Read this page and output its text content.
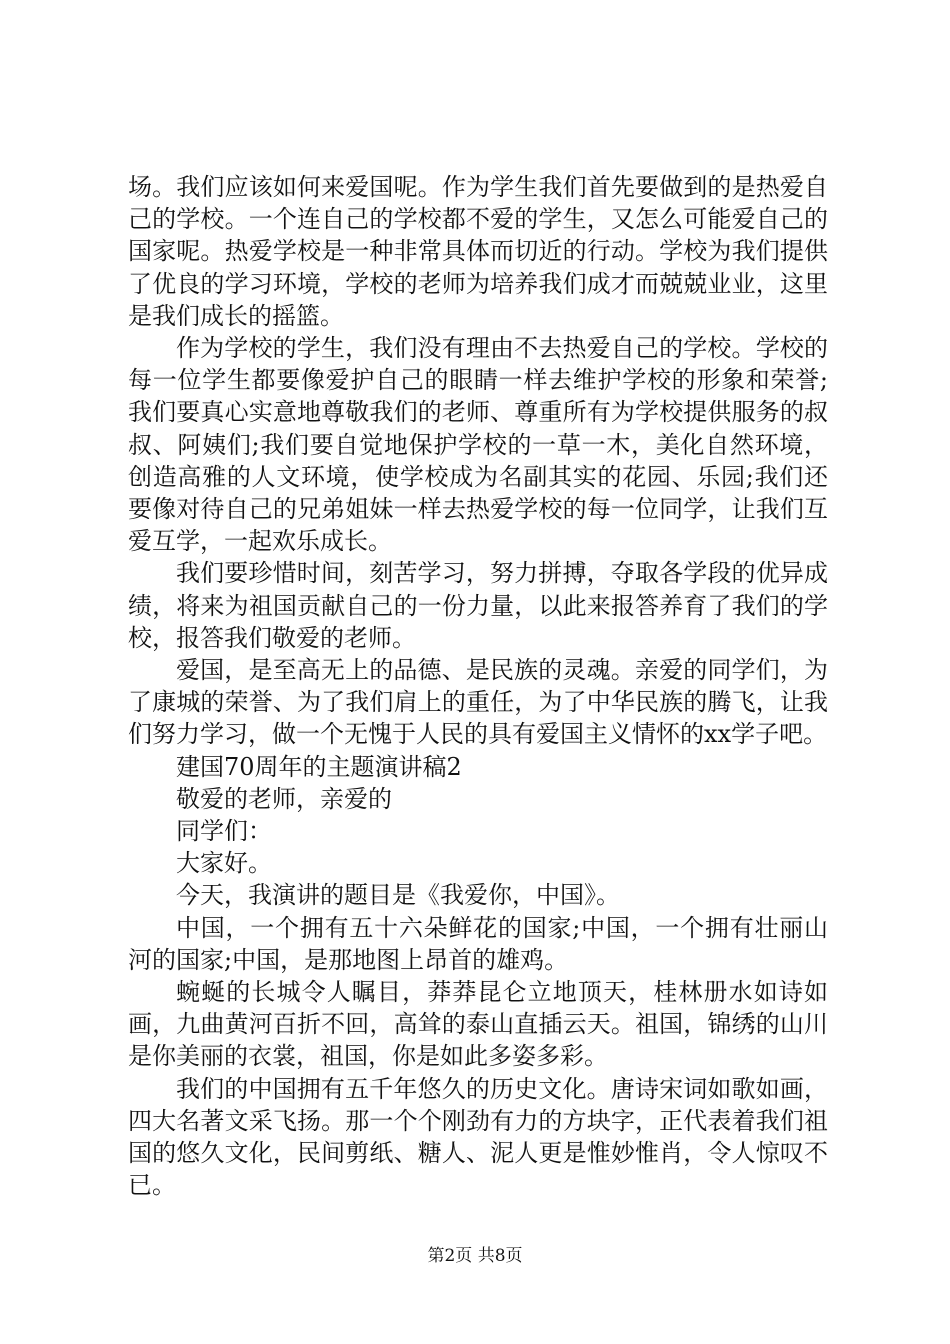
场。我们应该如何来爱国呢。作为学生我们首先要做到的是热爱自己的学校。一个连自己的学校都不爱的学生，又怎么可能爱自己的国家呢。热爱学校是一种非常具体而切近的行动。学校为我们提供了优良的学习环境，学校的老师为培养我们成才而兢兢业业，这里是我们成长的摇篮。

作为学校的学生，我们没有理由不去热爱自己的学校。学校的每一位学生都要像爱护自己的眼睛一样去维护学校的形象和荣誉;我们要真心实意地尊敬我们的老师、尊重所有为学校提供服务的叔叔、阿姨们;我们要自觉地保护学校的一草一木，美化自然环境，创造高雅的人文环境，使学校成为名副其实的花园、乐园;我们还要像对待自己的兄弟姐妹一样去热爱学校的每一位同学，让我们互爱互学，一起欢乐成长。

我们要珍惜时间，刻苦学习，努力拼搏，夺取各学段的优异成绩，将来为祖国贡献自己的一份力量，以此来报答养育了我们的学校，报答我们敬爱的老师。

爱国，是至高无上的品德、是民族的灵魂。亲爱的同学们，为了康城的荣誉、为了我们肩上的重任，为了中华民族的腾飞，让我们努力学习，做一个无愧于人民的具有爱国主义情怀的xx学子吧。

建国70周年的主题演讲稿2

敬爱的老师，亲爱的

同学们：

大家好。

今天，我演讲的题目是《我爱你，中国》。

中国，一个拥有五十六朵鲜花的国家;中国，一个拥有壮丽山河的国家;中国，是那地图上昂首的雄鸡。

蜿蜒的长城令人瞩目，莽莽昆仑立地顶天，桂林册水如诗如画，九曲黄河百折不回，高耸的泰山直插云天。祖国，锦绣的山川是你美丽的衣裳，祖国，你是如此多姿多彩。

我们的中国拥有五千年悠久的历史文化。唐诗宋词如歌如画，四大名著文采飞扬。那一个个刚劲有力的方块字，正代表着我们祖国的悠久文化，民间剪纸、糖人、泥人更是惟妙惟肖，令人惊叹不已。

第2页 共8页
